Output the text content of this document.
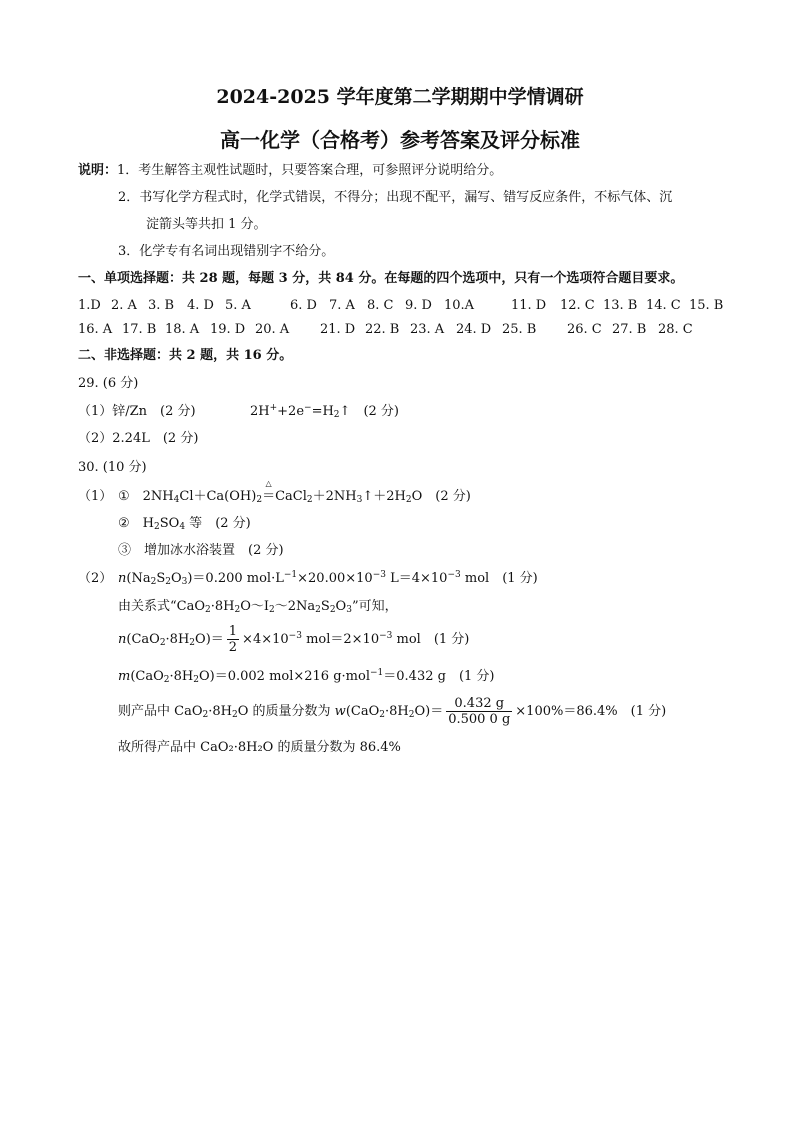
2024-2025 学年度第二学期期中学情调研
高一化学（合格考）参考答案及评分标准
说明：1．考生解答主观性试题时，只要答案合理，可参照评分说明给分。
2．书写化学方程式时，化学式错误，不得分；出现不配平，漏写、错写反应条件，不标气体、沉
淀箭头等共扣 1 分。
3．化学专有名词出现错别字不给分。
一、单项选择题：共 28 题，每题 3 分，共 84 分。在每题的四个选项中，只有一个选项符合题目要求。
1.D 2. A 3. B 4. D 5. A	6. D 7. A 8. C 9. D 10.A	11. D 12. C 13. B 14. C 15. B
16. A 17. B 18. A 19. D 20. A 21. D 22. B 23. A 24. D 25. B 26. C 27. B 28. C
二、非选择题：共 2 题，共 16 分。
29. (6 分)
（1）锌/Zn　(2 分)	$2H^++2e^-=H_2↑$　(2 分)
（2）2.24L　(2 分)
30. (10 分)
（1） ①　$2NH_4Cl+Ca(OH)_2$
△
$=CaCl_2+2NH_3↑+2H_2O$　(2 分)
②　$H_2SO_4$ 等　(2 分)
③　增加冰水浴装置　(2 分)
（2） $n(Na_2S_2O_3)=0.200$ $mol\cdot L^{-1}\times 20.00\times 10^{-3}$ $L=4\times 10^{-3}$ mol　(1 分)
由关系式“$CaO_2\cdot 8H_2O\sim I_2\sim 2Na_2S_2O_3$”可知，
$n(CaO_2\cdot 8H_2O)= \frac{1}{2} \times 4\times 10^{-3}$ $mol=2\times 10^{-3}$ mol　(1 分)
$m(CaO_2\cdot 8H_2O)=0.002$ mol×216 g·mol$^{-1}$＝0.432 g　(1 分)
则产品中 $CaO_2\cdot 8H_2O$ 的质量分数为 $w(CaO_2\cdot 8H_2O)= \frac{0.432 g}{0.500 0 g} \times 100\%=86.4\%$　 (1 分)
故所得产品中 CaO₂·8H₂O 的质量分数为 86.4%
